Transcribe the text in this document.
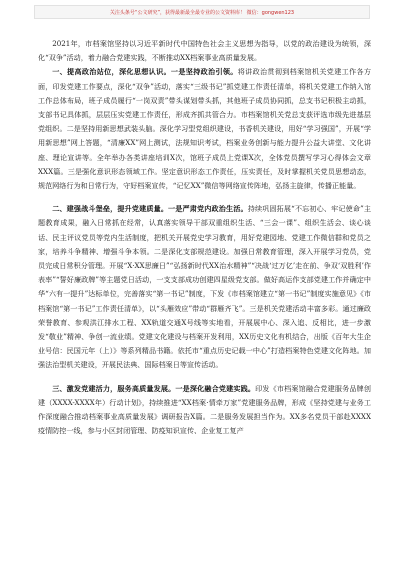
关注头条号“公文研究”，获得最新最全最专业的公文资料库！ 微信：gongwen123

2021年，市档案馆坚持以习近平新时代中国特色社会主义思想为指导，以党的政治建设为统领，深化“双争”活动，着力融合党建实践，不断推动XX档案事业高质量发展。

一、提高政治站位，深化思想认识。一是坚持政治引领。将讲政治贯彻到档案馆机关党建工作各方面，印发党建工作要点，深化“双争”活动，落实“三级书记”抓党建工作责任清单，将机关党建工作纳入馆工作总体布局，班子成员履行“一岗双责”带头谋划带头抓，其他班子成员协同抓，总支书记积极主动抓，支部书记具体抓，层层压实党建工作责任，形成齐抓共管合力。市档案馆机关党总支获评选市级先进基层党组织。二是坚持用新思想武装头脑。深化学习型党组织建设，书香机关建设，用好“学习强国”，开展“学用新思想”网上答题，“清廉XX”网上测试，法规知识考试，档案业务创新与能力提升公益大讲堂、文化讲座、理论宣讲等。全年举办各类讲座培训X次，馆班子成员上党课X次，全体党员撰写学习心得体会文章XXX篇。三是强化意识形态领域工作。坚定意识形态工作责任，压实责任，及时掌握机关党员思想动态，规范网络行为和日常行为，守好档案宣传，“记忆XX”微信等网络宣传阵地，弘扬主旋律，传播正能量。

二、建强战斗堡垒，提升党建质量。一是严肃党内政治生活。持续巩固拓展“不忘初心、牢记使命”主题教育成果，融入日常抓在经常，认真落实领导干部双重组织生活、“三会一课”、组织生活会、谈心谈话、民主评议党员等党内生活制度，把机关开展党史学习教育，用好党建园地、党建工作微信群和党员之家，培养斗争精神、增强斗争本领。二是深化支部规范建设。加强日常教育管理，深入开展学习党员，党员完成日常积分管理。开展“X·XX思廉日”“弘扬新时代XX治水精神”“决战‘过万亿’走在前、争双‘双胜利’作表率”“誓好廉政牌”等主题党日活动，一支支部成功创建四星级党支部。做好高运作支部党建工作并确定中华“六有一提升”达标单位，完善落实“第一书记”制度，下发《市档案馆建立“第一书记”制度实施意见》《市档案馆“第一书记”工作责任清单》，以“头雁效应”带动“群雁齐飞”。三是机关党建活动丰富多彩。通过廉政荣誉教育、参观洪江排水工程、XX轨道交通X号线等实地看，开展展中心、深入追、反相比，进一步激发“敬业”精神、争创一流业绩。党建文化建设与档案开发利用，XX历史文化有机结合，出版《百年大生企业号信：民国元年（上）》等系列精品书籍。依托市“重点历史记载一中心”打造档案特色党建文化阵地。加强法治型机关建设，开展民法典、国际档案日等宣传活动。

三、激发党建活力，服务高质量发展。一是深化融合党建实践。印发《市档案馆融合党建服务品牌创建（XXXX-XXXX年）行动计划》，持续推进“XX档案·情牵万家”党建服务品牌，形成《坚持党建与业务工作深度融合推动档案事业高质量发展》调研报告X篇。二是服务发展担当作为。XX多名党员干部赴XXXX疫情防控一线，参与小区封闭管理、防疫知识宣传、企业复工复产
